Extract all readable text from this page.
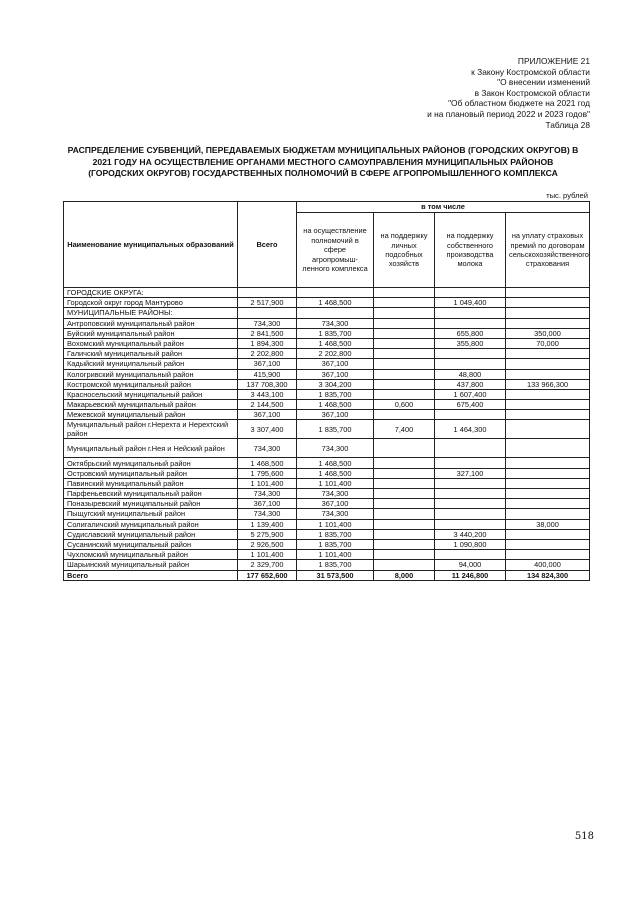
ПРИЛОЖЕНИЕ 21
к Закону Костромской области
"О внесении изменений
в Закон Костромской области
"Об областном бюджете на 2021 год
и на плановый период 2022 и 2023 годов"
Таблица 28
РАСПРЕДЕЛЕНИЕ СУБВЕНЦИЙ, ПЕРЕДАВАЕМЫХ БЮДЖЕТАМ МУНИЦИПАЛЬНЫХ РАЙОНОВ (ГОРОДСКИХ ОКРУГОВ) В 2021 ГОДУ НА ОСУЩЕСТВЛЕНИЕ ОРГАНАМИ МЕСТНОГО САМОУПРАВЛЕНИЯ МУНИЦИПАЛЬНЫХ РАЙОНОВ (ГОРОДСКИХ ОКРУГОВ) ГОСУДАРСТВЕННЫХ ПОЛНОМОЧИЙ В СФЕРЕ АГРОПРОМЫШЛЕННОГО КОМПЛЕКСА
тыс. рублей
Наименование муниципальных образований	Всего	в том числе			
		на осуществление полномочий в сфере агропромыш-ленного комплекса	на поддержку личных подсобных хозяйств	на поддержку собственного производства молока	на уплату страховых премий по договорам сельскохозяйственного страхования
ГОРОДСКИЕ ОКРУГА:					
Городской округ город Мантурово	2 517,900	1 468,500		1 049,400	
МУНИЦИПАЛЬНЫЕ РАЙОНЫ:					
Антроповский муниципальный район	734,300	734,300			
Буйский муниципальный район	2 841,500	1 835,700		655,800	350,000
Вохомский муниципальный район	1 894,300	1 468,500		355,800	70,000
Галичский муниципальный район	2 202,800	2 202,800			
Кадыйский муниципальный район	367,100	367,100			
Кологривский муниципальный район	415,900	367,100		48,800	
Костромской муниципальный район	137 708,300	3 304,200		437,800	133 966,300
Красносельский муниципальный район	3 443,100	1 835,700		1 607,400	
Макарьевский муниципальный район	2 144,500	1 468,500	0,600	675,400	
Межевской муниципальный район	367,100	367,100			
Муниципальный район г.Нерехта и Нерехтский район	3 307,400	1 835,700	7,400	1 464,300	
Муниципальный район г.Нея и Нейский район	734,300	734,300			
Октябрьский муниципальный район	1 468,500	1 468,500			
Островский муниципальный район	1 795,600	1 468,500		327,100	
Павинский муниципальный район	1 101,400	1 101,400			
Парфеньевский муниципальный район	734,300	734,300			
Поназыревский муниципальный район	367,100	367,100			
Пыщугский муниципальный район	734,300	734,300			
Солигаличский муниципальный район	1 139,400	1 101,400			38,000
Судиславский муниципальный район	5 275,900	1 835,700		3 440,200	
Сусанинский муниципальный район	2 926,500	1 835,700		1 090,800	
Чухломский муниципальный район	1 101,400	1 101,400			
Шарьинский муниципальный район	2 329,700	1 835,700		94,000	400,000
Всего	177 652,600	31 573,500	8,000	11 246,800	134 824,300
518
